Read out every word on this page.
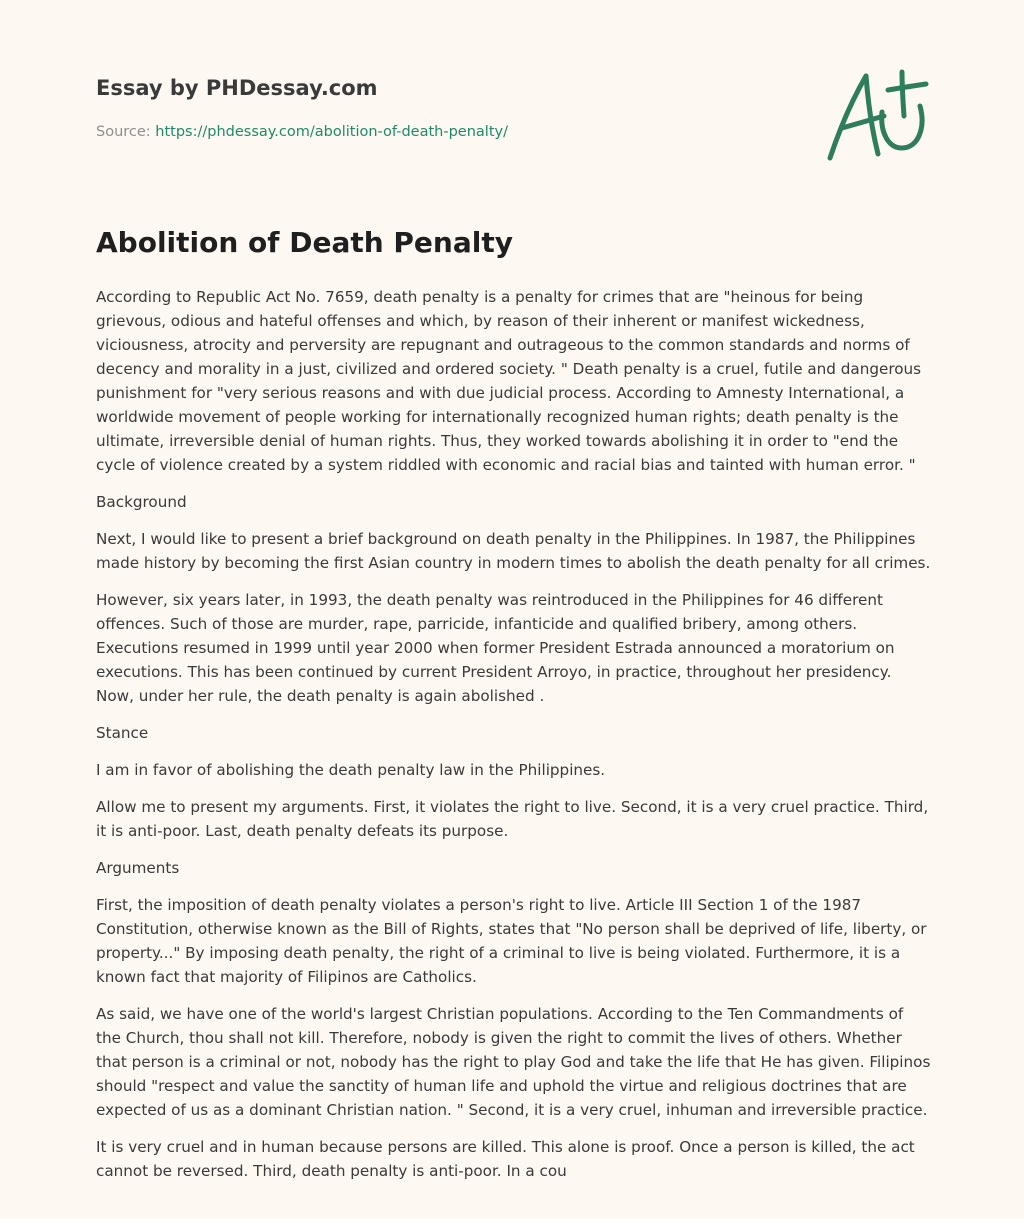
Essay by PHDessay.com
Source: https://phdessay.com/abolition-of-death-penalty/
Abolition of Death Penalty

According to Republic Act No. 7659, death penalty is a penalty for crimes that are "heinous for being grievous, odious and hateful offenses and which, by reason of their inherent or manifest wickedness, viciousness, atrocity and perversity are repugnant and outrageous to the common standards and norms of decency and morality in a just, civilized and ordered society. " Death penalty is a cruel, futile and dangerous punishment for "very serious reasons and with due judicial process. According to Amnesty International, a worldwide movement of people working for internationally recognized human rights; death penalty is the ultimate, irreversible denial of human rights. Thus, they worked towards abolishing it in order to "end the cycle of violence created by a system riddled with economic and racial bias and tainted with human error. "

Background

Next, I would like to present a brief background on death penalty in the Philippines. In 1987, the Philippines made history by becoming the first Asian country in modern times to abolish the death penalty for all crimes.

However, six years later, in 1993, the death penalty was reintroduced in the Philippines for 46 different offences. Such of those are murder, rape, parricide, infanticide and qualified bribery, among others. Executions resumed in 1999 until year 2000 when former President Estrada announced a moratorium on executions. This has been continued by current President Arroyo, in practice, throughout her presidency. Now, under her rule, the death penalty is again abolished .

Stance

I am in favor of abolishing the death penalty law in the Philippines.

Allow me to present my arguments. First, it violates the right to live. Second, it is a very cruel practice. Third, it is anti-poor. Last, death penalty defeats its purpose.

Arguments

First, the imposition of death penalty violates a person's right to live. Article III Section 1 of the 1987 Constitution, otherwise known as the Bill of Rights, states that "No person shall be deprived of life, liberty, or property..." By imposing death penalty, the right of a criminal to live is being violated. Furthermore, it is a known fact that majority of Filipinos are Catholics.

As said, we have one of the world's largest Christian populations. According to the Ten Commandments of the Church, thou shall not kill. Therefore, nobody is given the right to commit the lives of others. Whether that person is a criminal or not, nobody has the right to play God and take the life that He has given. Filipinos should "respect and value the sanctity of human life and uphold the virtue and religious doctrines that are expected of us as a dominant Christian nation. " Second, it is a very cruel, inhuman and irreversible practice.

It is very cruel and in human because persons are killed. This alone is proof. Once a person is killed, the act cannot be reversed. Third, death penalty is anti-poor. In a cou
